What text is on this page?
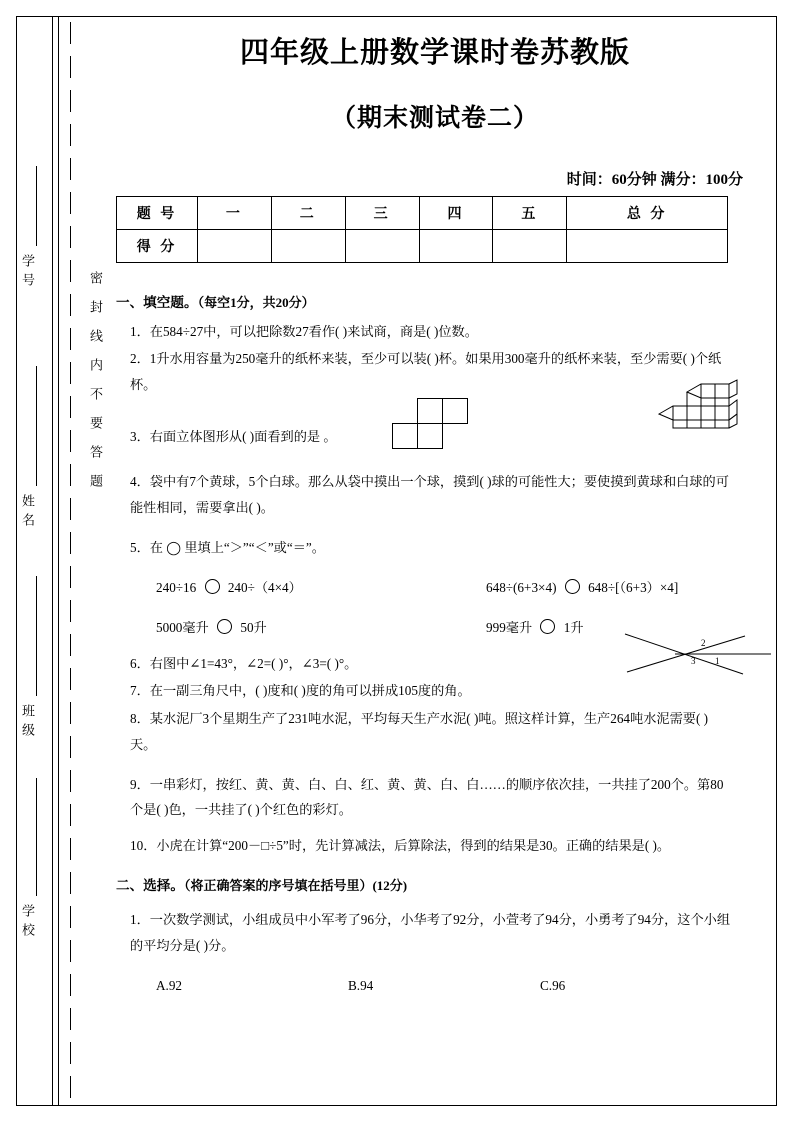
学号
姓名
班级
学校
密封线内不要答题
四年级上册数学课时卷苏教版
（期末测试卷二）
时间：60分钟 满分：100分
题 号	一	二	三	四	五	总 分
得 分						
一、填空题。（每空1分，共20分）
1．在584÷27中，可以把除数27看作( )来试商，商是( )位数。
2．1升水用容量为250毫升的纸杯来装，至少可以装( )杯。如果用300毫升的纸杯来装，至少需要( )个纸杯。
3．右面立体图形从( )面看到的是 。
4．袋中有7个黄球，5个白球。那么从袋中摸出一个球，摸到( )球的可能性大；要使摸到黄球和白球的可能性相同，需要拿出( )。
5．在 ◯ 里填上“＞”“＜”或“＝”。
240÷16 240÷（4×4）	648÷(6+3×4) 648÷[（6+3）×4]
5000毫升 50升	999毫升 1升
6．右图中∠1=43°，∠2=( )°，∠3=( )°。
7．在一副三角尺中，( )度和( )度的角可以拼成105度的角。
8．某水泥厂3个星期生产了231吨水泥，平均每天生产水泥( )吨。照这样计算，生产264吨水泥需要( )天。
9．一串彩灯，按红、黄、黄、白、白、红、黄、黄、白、白……的顺序依次挂，一共挂了200个。第80个是( )色，一共挂了( )个红色的彩灯。
10．小虎在计算“200－□÷5”时，先计算减法，后算除法，得到的结果是30。正确的结果是( )。
二、选择。（将正确答案的序号填在括号里）(12分)
1．一次数学测试，小组成员中小军考了96分，小华考了92分，小萱考了94分，小勇考了94分，这个小组的平均分是( )分。
A.92	B.94	C.96

2
1
3
